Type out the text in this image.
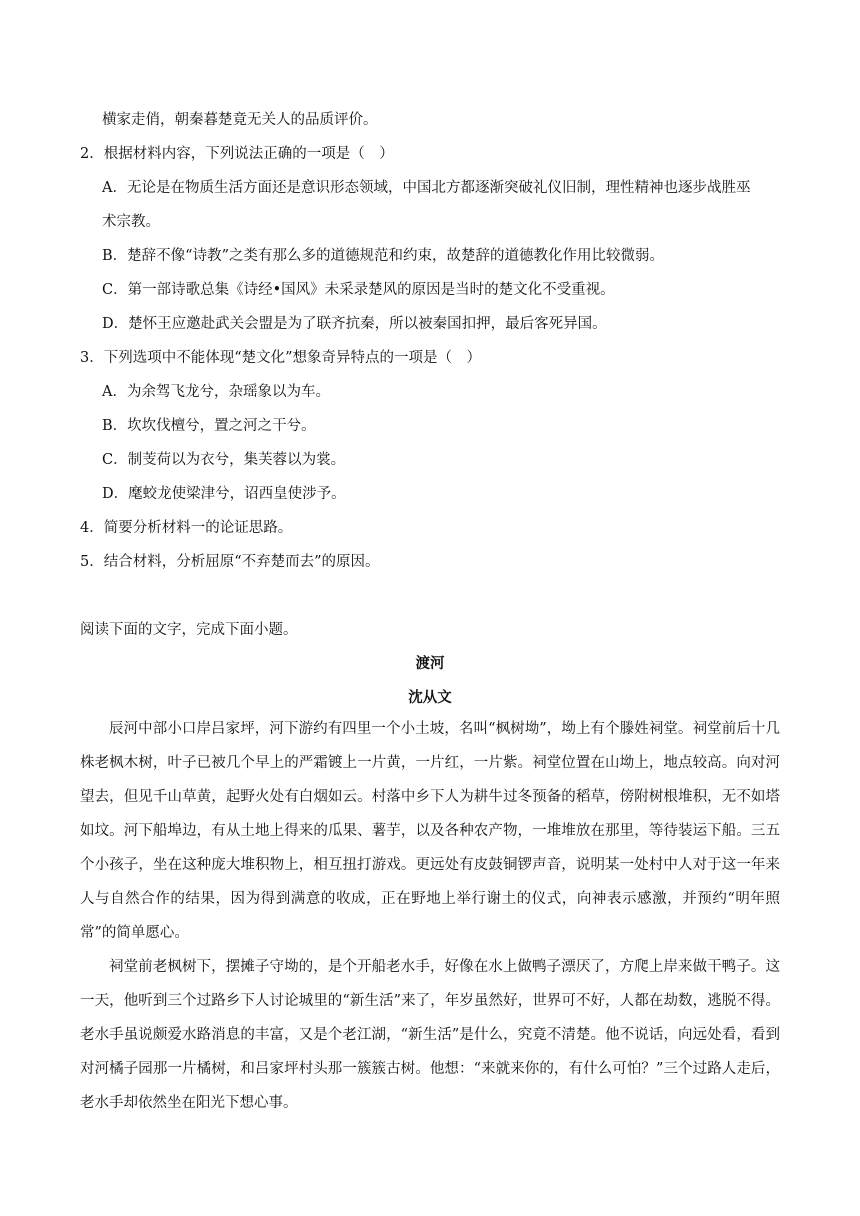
横家走俏，朝秦暮楚竟无关人的品质评价。
2．根据材料内容，下列说法正确的一项是（　）
A．无论是在物质生活方面还是意识形态领域，中国北方都逐渐突破礼仪旧制，理性精神也逐步战胜巫
术宗教。
B．楚辞不像“诗教”之类有那么多的道德规范和约束，故楚辞的道德教化作用比较微弱。
C．第一部诗歌总集《诗经•国风》未采录楚风的原因是当时的楚文化不受重视。
D．楚怀王应邀赴武关会盟是为了联齐抗秦，所以被秦国扣押，最后客死异国。
3．下列选项中不能体现“楚文化”想象奇异特点的一项是（　）
A．为余驾飞龙兮，杂瑶象以为车。
B．坎坎伐檀兮，置之河之干兮。
C．制芰荷以为衣兮，集芙蓉以为裳。
D．麾蛟龙使梁津兮，诏西皇使涉予。
4．简要分析材料一的论证思路。
5．结合材料，分析屈原“不弃楚而去”的原因。
阅读下面的文字，完成下面小题。
渡河
沈从文
辰河中部小口岸吕家坪，河下游约有四里一个小土坡，名叫“枫树坳”，坳上有个滕姓祠堂。祠堂前后十几株老枫木树，叶子已被几个早上的严霜镀上一片黄，一片红，一片紫。祠堂位置在山坳上，地点较高。向对河望去，但见千山草黄，起野火处有白烟如云。村落中乡下人为耕牛过冬预备的稻草，傍附树根堆积，无不如塔如坟。河下船埠边，有从土地上得来的瓜果、薯芋，以及各种农产物，一堆堆放在那里，等待装运下船。三五个小孩子，坐在这种庞大堆积物上，相互扭打游戏。更远处有皮鼓铜锣声音，说明某一处村中人对于这一年来人与自然合作的结果，因为得到满意的收成，正在野地上举行谢土的仪式，向神表示感激，并预约“明年照常”的简单愿心。
祠堂前老枫树下，摆摊子守坳的，是个开船老水手，好像在水上做鸭子漂厌了，方爬上岸来做干鸭子。这一天，他听到三个过路乡下人讨论城里的“新生活”来了，年岁虽然好，世界可不好，人都在劫数，逃脱不得。老水手虽说颇爱水路消息的丰富，又是个老江湖，“新生活”是什么，究竟不清楚。他不说话，向远处看，看到对河橘子园那一片橘树，和吕家坪村头那一簇簇古树。他想：“来就来你的，有什么可怕？”三个过路人走后，老水手却依然坐在阳光下想心事。
